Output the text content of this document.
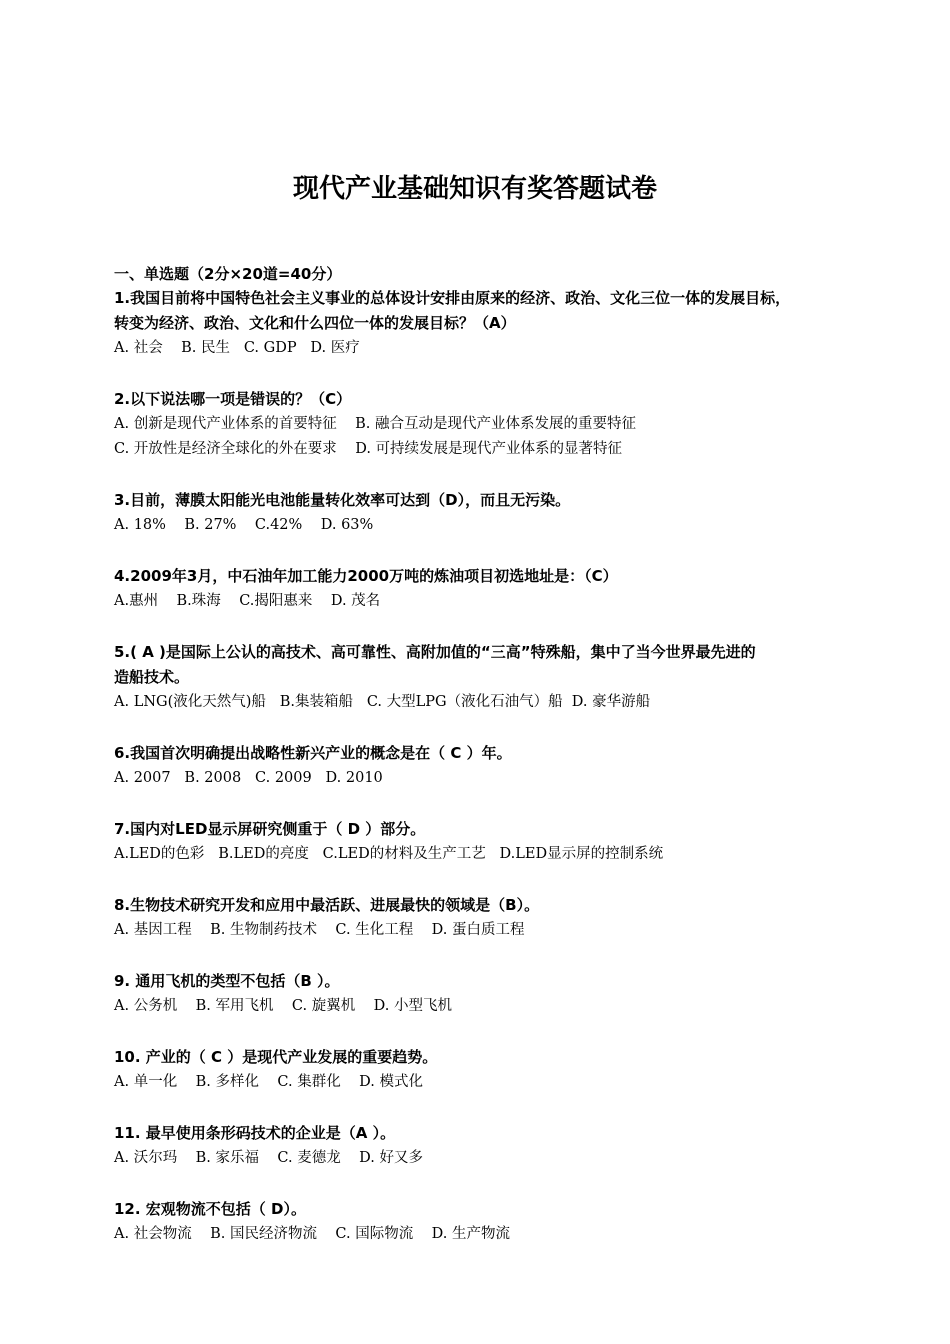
现代产业基础知识有奖答题试卷
一、单选题（2分×20道=40分）
1.我国目前将中国特色社会主义事业的总体设计安排由原来的经济、政治、文化三位一体的发展目标，
转变为经济、政治、文化和什么四位一体的发展目标？（A）
A. 社会    B. 民生   C. GDP   D. 医疗
2.以下说法哪一项是错误的？（C）
A. 创新是现代产业体系的首要特征    B. 融合互动是现代产业体系发展的重要特征
C. 开放性是经济全球化的外在要求    D. 可持续发展是现代产业体系的显著特征
3.目前，薄膜太阳能光电池能量转化效率可达到（D），而且无污染。
A. 18%    B. 27%    C.42%    D. 63%
4.2009年3月，中石油年加工能力2000万吨的炼油项目初选地址是：（C）
A.惠州    B.珠海    C.揭阳惠来    D. 茂名
5.( A )是国际上公认的高技术、高可靠性、高附加值的“三高”特殊船，集中了当今世界最先进的
造船技术。
A. LNG(液化天然气)船   B.集装箱船   C. 大型LPG（液化石油气）船  D. 豪华游船
6.我国首次明确提出战略性新兴产业的概念是在（ C ）年。
A. 2007   B. 2008   C. 2009   D. 2010
7.国内对LED显示屏研究侧重于（ D ）部分。
A.LED的色彩   B.LED的亮度   C.LED的材料及生产工艺   D.LED显示屏的控制系统
8.生物技术研究开发和应用中最活跃、进展最快的领域是（B）。
A. 基因工程    B. 生物制药技术    C. 生化工程    D. 蛋白质工程
9. 通用飞机的类型不包括（B ）。
A. 公务机    B. 军用飞机    C. 旋翼机    D. 小型飞机
10. 产业的（ C ）是现代产业发展的重要趋势。
A. 单一化    B. 多样化    C. 集群化    D. 模式化
11. 最早使用条形码技术的企业是（A ）。
A. 沃尔玛    B. 家乐福    C. 麦德龙    D. 好又多
12. 宏观物流不包括（ D）。
A. 社会物流    B. 国民经济物流    C. 国际物流    D. 生产物流
